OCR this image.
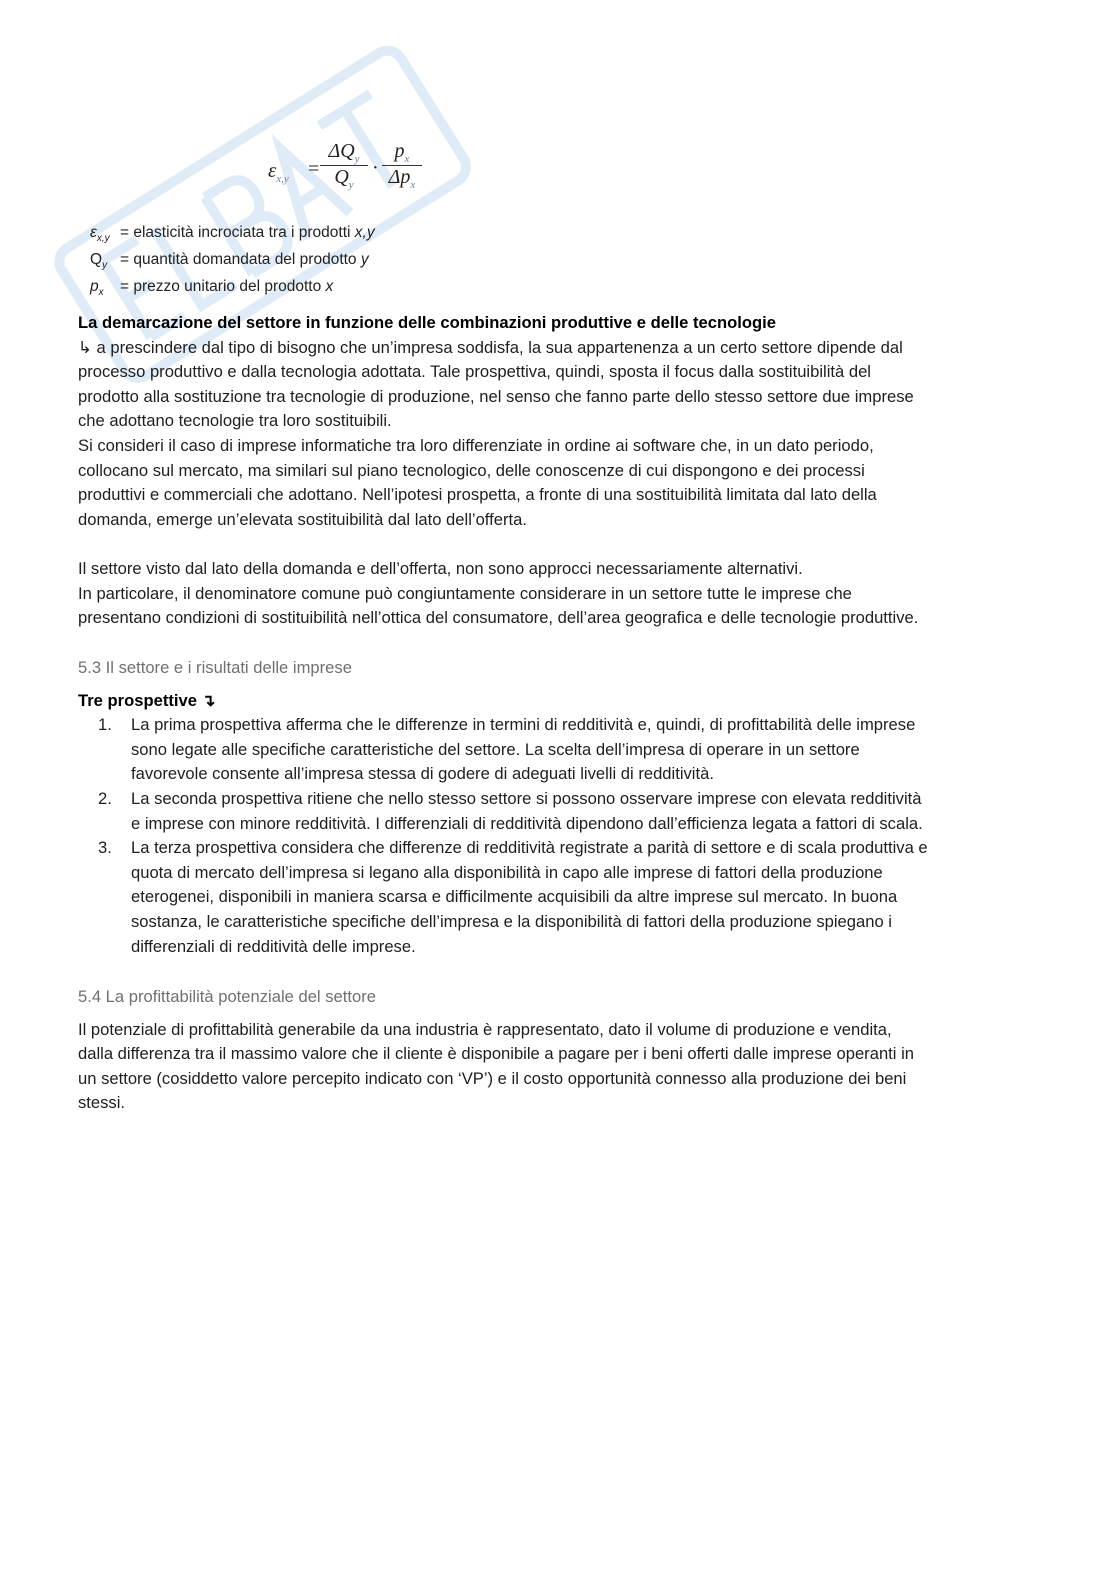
$\varepsilon_{x,y}$ =
$\Delta Q_y$
$Q_y$
·
$p_x$
$\Delta p_x$
$\varepsilon_{x,y}$ = elasticità incrociata tra i prodotti x,y
$Q_y$ = quantità domandata del prodotto y
$p_x$ = prezzo unitario del prodotto x

La demarcazione del settore in funzione delle combinazioni produttive e delle tecnologie

↳ a prescindere dal tipo di bisogno che un’impresa soddisfa, la sua appartenenza a un certo settore dipende dal
processo produttivo e dalla tecnologia adottata. Tale prospettiva, quindi, sposta il focus dalla sostituibilità del
prodotto alla sostituzione tra tecnologie di produzione, nel senso che fanno parte dello stesso settore due imprese
che adottano tecnologie tra loro sostituibili.

Si consideri il caso di imprese informatiche tra loro differenziate in ordine ai software che, in un dato periodo,
collocano sul mercato, ma similari sul piano tecnologico, delle conoscenze di cui dispongono e dei processi
produttivi e commerciali che adottano. Nell’ipotesi prospetta, a fronte di una sostituibilità limitata dal lato della
domanda, emerge un’elevata sostituibilità dal lato dell’offerta.

Il settore visto dal lato della domanda e dell’offerta, non sono approcci necessariamente alternativi.

In particolare, il denominatore comune può congiuntamente considerare in un settore tutte le imprese che
presentano condizioni di sostituibilità nell’ottica del consumatore, dell’area geografica e delle tecnologie produttive.

5.3 Il settore e i risultati delle imprese

Tre prospettive ↴

1. La prima prospettiva afferma che le differenze in termini di redditività e, quindi, di profittabilità delle imprese
sono legate alle specifiche caratteristiche del settore. La scelta dell’impresa di operare in un settore
favorevole consente all’impresa stessa di godere di adeguati livelli di redditività.

2. La seconda prospettiva ritiene che nello stesso settore si possono osservare imprese con elevata redditività
e imprese con minore redditività. I differenziali di redditività dipendono dall’efficienza legata a fattori di scala.

3. La terza prospettiva considera che differenze di redditività registrate a parità di settore e di scala produttiva e
quota di mercato dell’impresa si legano alla disponibilità in capo alle imprese di fattori della produzione
eterogenei, disponibili in maniera scarsa e difficilmente acquisibili da altre imprese sul mercato. In buona
sostanza, le caratteristiche specifiche dell’impresa e la disponibilità di fattori della produzione spiegano i
differenziali di redditività delle imprese.

5.4 La profittabilità potenziale del settore

Il potenziale di profittabilità generabile da una industria è rappresentato, dato il volume di produzione e vendita,
dalla differenza tra il massimo valore che il cliente è disponibile a pagare per i beni offerti dalle imprese operanti in
un settore (cosiddetto valore percepito indicato con ‘VP’) e il costo opportunità connesso alla produzione dei beni
stessi.
